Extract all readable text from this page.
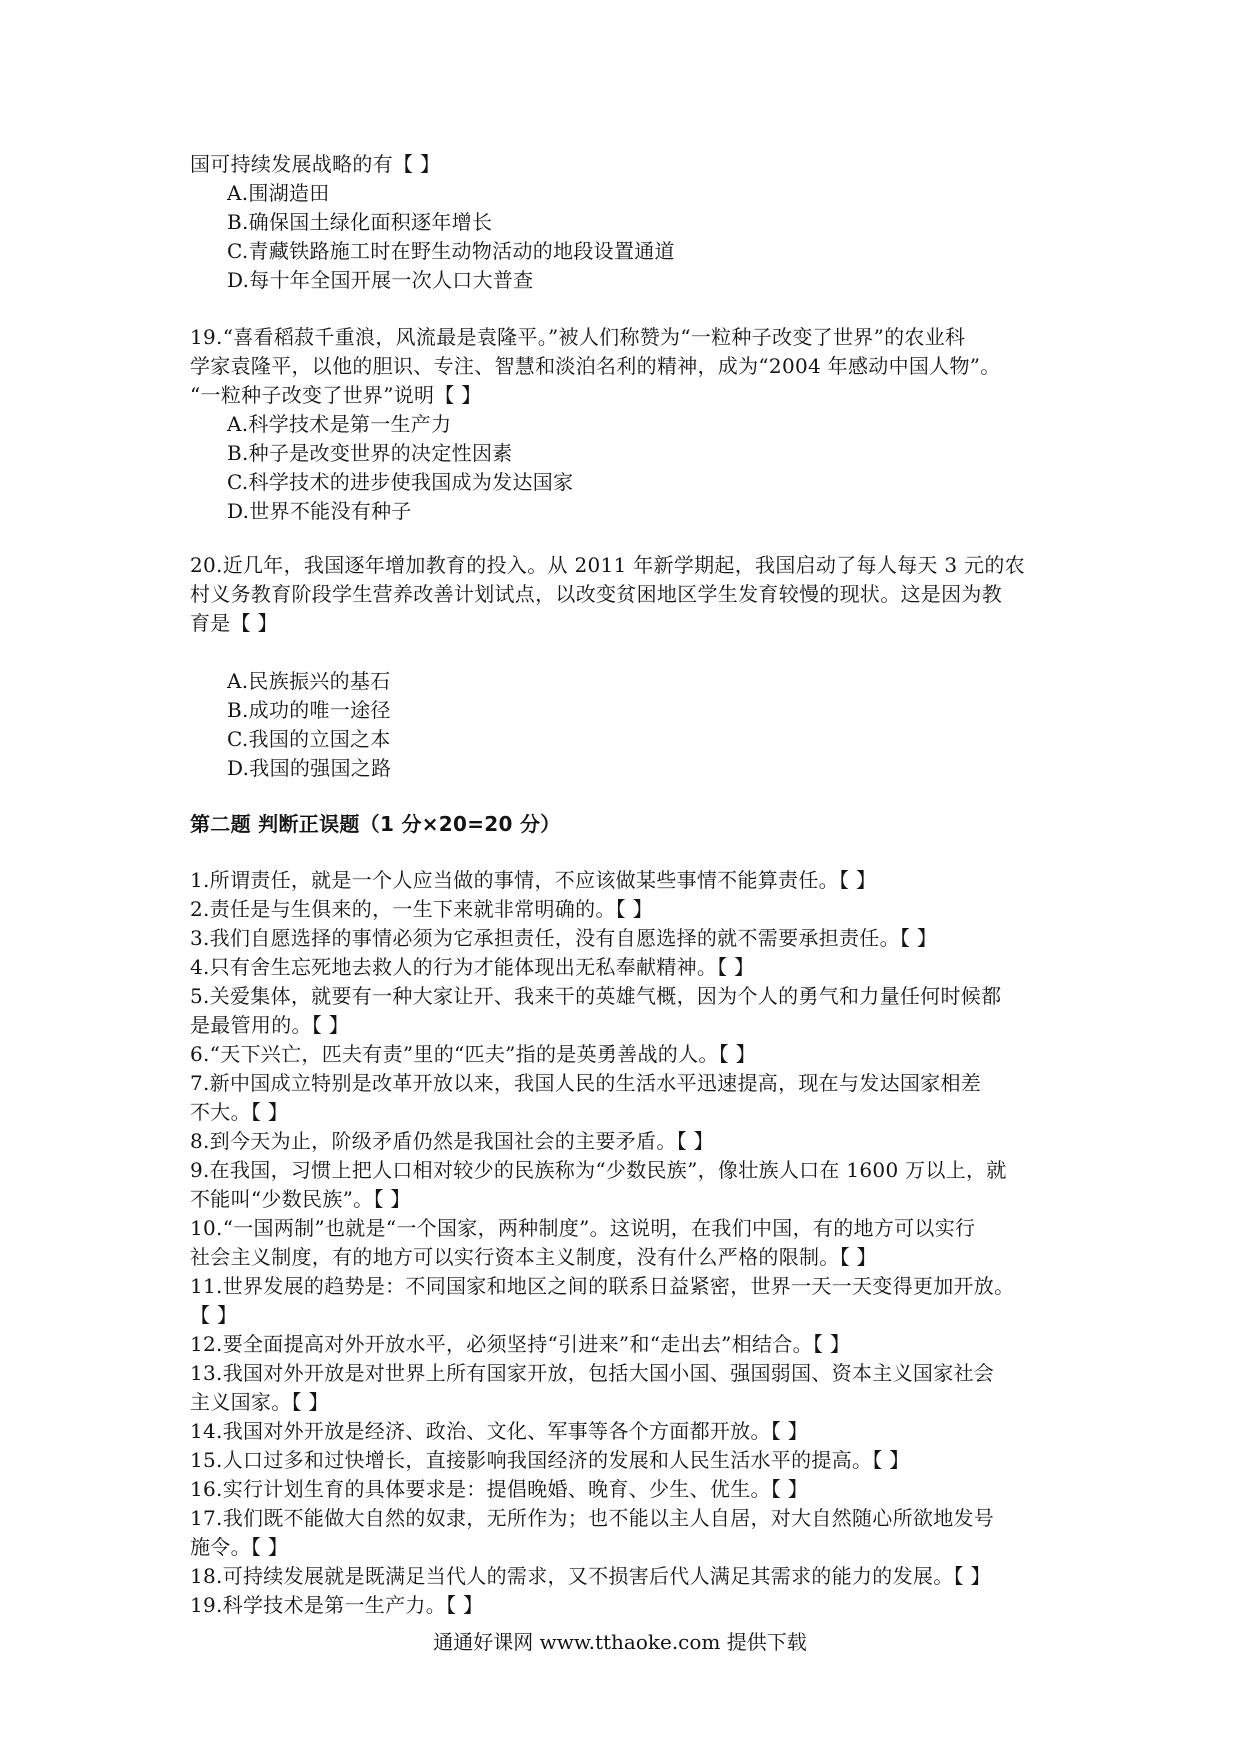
国可持续发展战略的有【 】
A.围湖造田
B.确保国土绿化面积逐年增长
C.青藏铁路施工时在野生动物活动的地段设置通道
D.每十年全国开展一次人口大普查
19.“喜看稻菽千重浪，风流最是袁隆平。”被人们称赞为“一粒种子改变了世界”的农业科
学家袁隆平，以他的胆识、专注、智慧和淡泊名利的精神，成为“2004 年感动中国人物”。
“一粒种子改变了世界”说明【 】
A.科学技术是第一生产力
B.种子是改变世界的决定性因素
C.科学技术的进步使我国成为发达国家
D.世界不能没有种子
20.近几年，我国逐年增加教育的投入。从 2011 年新学期起，我国启动了每人每天 3 元的农
村义务教育阶段学生营养改善计划试点，以改变贫困地区学生发育较慢的现状。这是因为教
育是【 】
A.民族振兴的基石
B.成功的唯一途径
C.我国的立国之本
D.我国的强国之路
第二题 判断正误题（1 分×20=20 分）
1.所谓责任，就是一个人应当做的事情，不应该做某些事情不能算责任。【 】
2.责任是与生俱来的，一生下来就非常明确的。【 】
3.我们自愿选择的事情必须为它承担责任，没有自愿选择的就不需要承担责任。【 】
4.只有舍生忘死地去救人的行为才能体现出无私奉献精神。【 】
5.关爱集体，就要有一种大家让开、我来干的英雄气概，因为个人的勇气和力量任何时候都
是最管用的。【 】
6.“天下兴亡，匹夫有责”里的“匹夫”指的是英勇善战的人。【 】
7.新中国成立特别是改革开放以来，我国人民的生活水平迅速提高，现在与发达国家相差
不大。【 】
8.到今天为止，阶级矛盾仍然是我国社会的主要矛盾。【 】
9.在我国，习惯上把人口相对较少的民族称为“少数民族”，像壮族人口在 1600 万以上，就
不能叫“少数民族”。【 】
10.“一国两制”也就是“一个国家，两种制度”。这说明，在我们中国，有的地方可以实行
社会主义制度，有的地方可以实行资本主义制度，没有什么严格的限制。【 】
11.世界发展的趋势是：不同国家和地区之间的联系日益紧密，世界一天一天变得更加开放。
【 】
12.要全面提高对外开放水平，必须坚持“引进来”和“走出去”相结合。【 】
13.我国对外开放是对世界上所有国家开放，包括大国小国、强国弱国、资本主义国家社会
主义国家。【 】
14.我国对外开放是经济、政治、文化、军事等各个方面都开放。【 】
15.人口过多和过快增长，直接影响我国经济的发展和人民生活水平的提高。【 】
16.实行计划生育的具体要求是：提倡晚婚、晚育、少生、优生。【 】
17.我们既不能做大自然的奴隶，无所作为；也不能以主人自居，对大自然随心所欲地发号
施令。【 】
18.可持续发展就是既满足当代人的需求，又不损害后代人满足其需求的能力的发展。【 】
19.科学技术是第一生产力。【 】
通通好课网 www.tthaoke.com 提供下载
